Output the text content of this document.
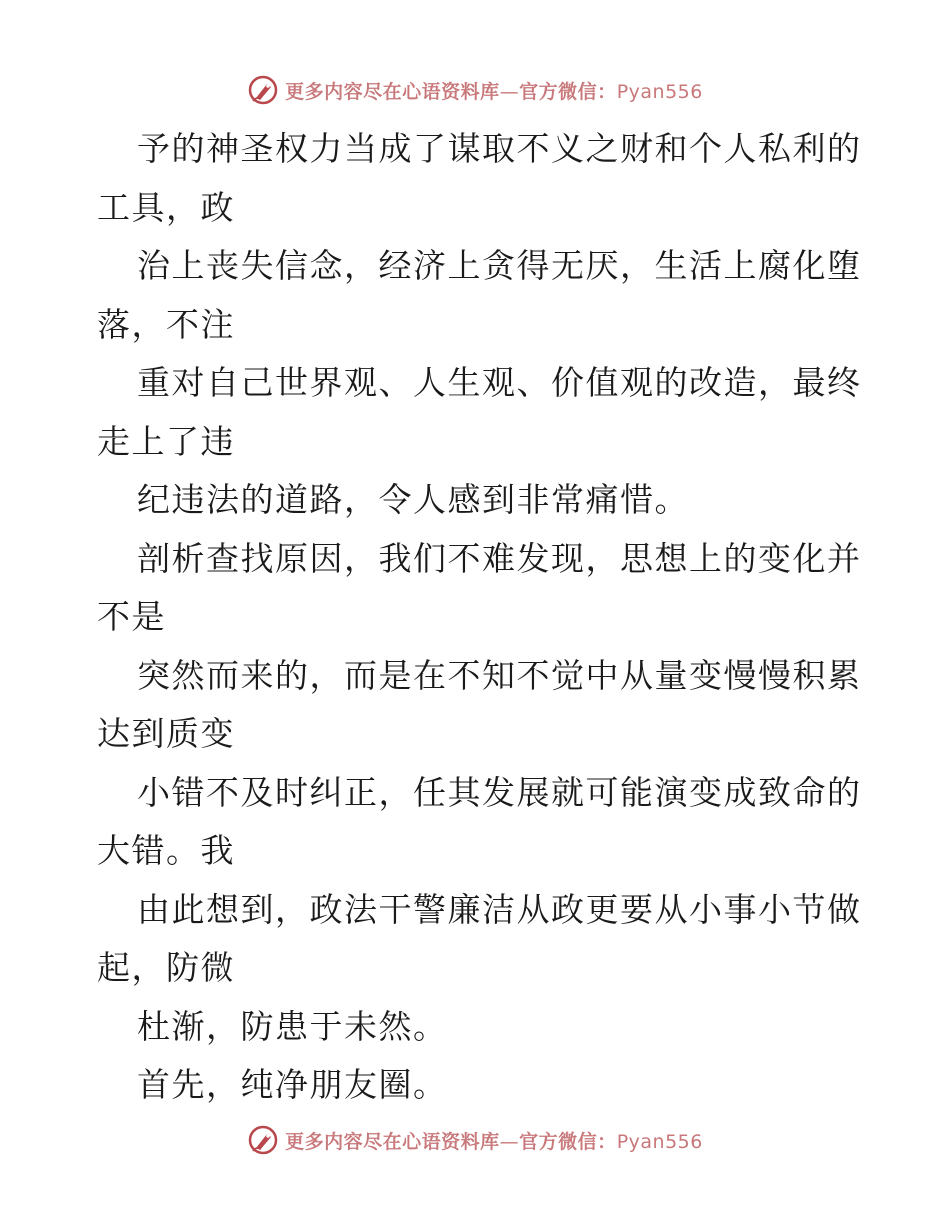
更多内容尽在心语资料库—官方微信：Pyan556
予的神圣权力当成了谋取不义之财和个人私利的
工具，政
治上丧失信念，经济上贪得无厌，生活上腐化堕
落，不注
重对自己世界观、人生观、价值观的改造，最终
走上了违
纪违法的道路，令人感到非常痛惜。
剖析查找原因，我们不难发现，思想上的变化并
不是
突然而来的，而是在不知不觉中从量变慢慢积累
达到质变
小错不及时纠正，任其发展就可能演变成致命的
大错。我
由此想到，政法干警廉洁从政更要从小事小节做
起，防微
杜渐，防患于未然。
首先，纯净朋友圈。
更多内容尽在心语资料库—官方微信：Pyan556
